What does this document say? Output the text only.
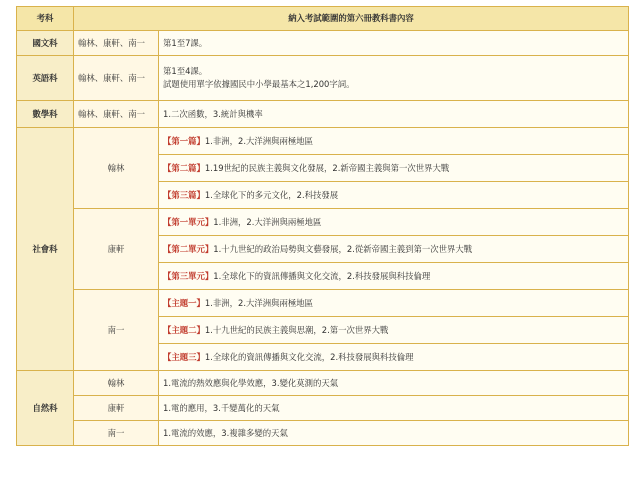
考科	納入考試範圍的第六冊教科書內容	
國文科	翰林、康軒、南一	第1至7課。
英語科	翰林、康軒、南一	第1至4課。
試題使用單字依據國民中小學最基本之1,200字詞。

數學科	翰林、康軒、南一	1.二次函數，3.統計與機率
社會科	翰林	【第一篇】1.非洲，2.大洋洲與兩極地區
		【第二篇】1.19世紀的民族主義與文化發展，2.新帝國主義與第一次世界大戰
		【第三篇】1.全球化下的多元文化，2.科技發展
	康軒	【第一單元】1.非洲，2.大洋洲與兩極地區
		【第二單元】1.十九世紀的政治局勢與文藝發展，2.從新帝國主義到第一次世界大戰
		【第三單元】1.全球化下的資訊傳播與文化交流，2.科技發展與科技倫理
	南一	【主題一】1.非洲，2.大洋洲與兩極地區
		【主題二】1.十九世紀的民族主義與思潮，2.第一次世界大戰
		【主題三】1.全球化的資訊傳播與文化交流，2.科技發展與科技倫理
自然科	翰林	1.電流的熱效應與化學效應，3.變化莫測的天氣
	康軒	1.電的應用，3.千變萬化的天氣
	南一	1.電流的效應，3.複雜多變的天氣
